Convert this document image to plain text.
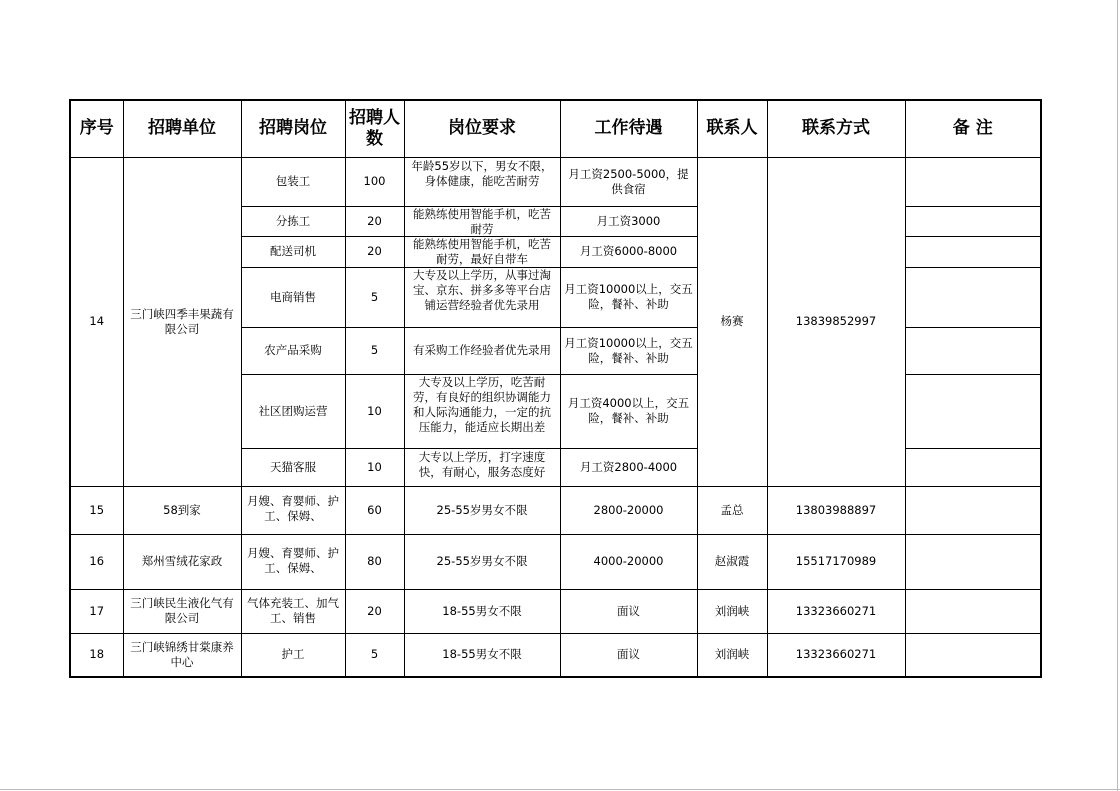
序号	招聘单位	招聘岗位	招聘人数	岗位要求	工作待遇	联系人	联系方式	备 注
14	三门峡四季丰果蔬有限公司	包装工	100	年龄55岁以下，男女不限，身体健康，能吃苦耐劳	月工资2500-5000，提供食宿	杨赛	13839852997	
		分拣工	20	能熟练使用智能手机，吃苦耐劳	月工资3000			
		配送司机	20	能熟练使用智能手机，吃苦耐劳，最好自带车	月工资6000-8000			
		电商销售	5	大专及以上学历，从事过淘宝、京东、拼多多等平台店铺运营经验者优先录用	月工资10000以上，交五险，餐补、补助			
		农产品采购	5	有采购工作经验者优先录用	月工资10000以上，交五险，餐补、补助			
		社区团购运营	10	大专及以上学历，吃苦耐劳，有良好的组织协调能力和人际沟通能力，一定的抗压能力，能适应长期出差	月工资4000以上，交五险，餐补、补助			
		天猫客服	10	大专以上学历，打字速度快，有耐心，服务态度好	月工资2800-4000			
15	58到家	月嫂、育婴师、护工、保姆、	60	25-55岁男女不限	2800-20000	孟总	13803988897	
16	郑州雪绒花家政	月嫂、育婴师、护工、保姆、	80	25-55岁男女不限	4000-20000	赵淑霞	15517170989	
17	三门峡民生液化气有限公司	气体充装工、加气工、销售	20	18-55男女不限	面议	刘润峡	13323660271	
18	三门峡锦绣甘棠康养中心	护工	5	18-55男女不限	面议	刘润峡	13323660271	
